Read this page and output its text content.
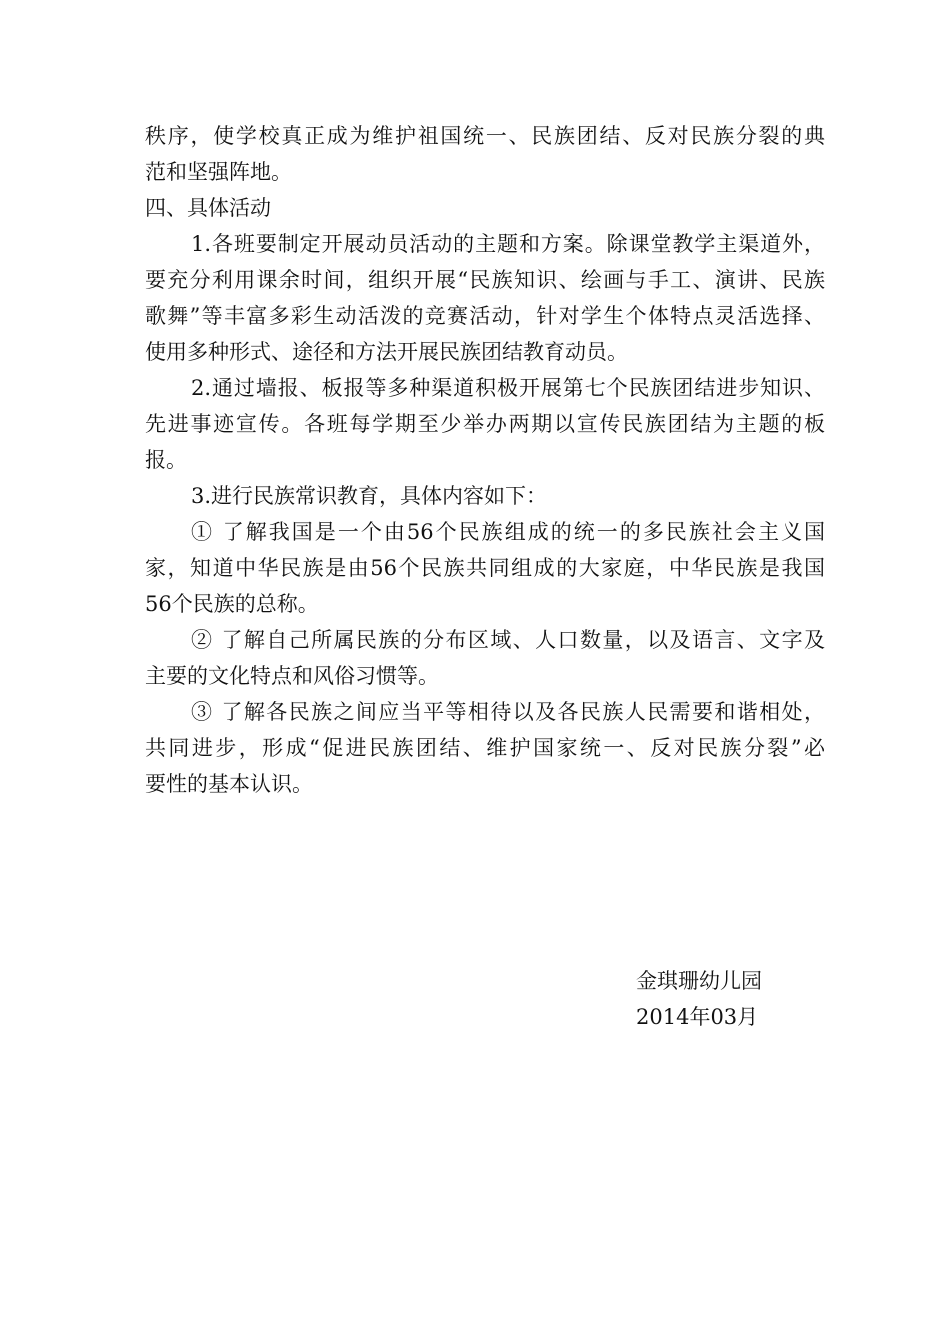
秩序，使学校真正成为维护祖国统一、民族团结、反对民族分裂的典
范和坚强阵地。
四、具体活动
1.各班要制定开展动员活动的主题和方案。除课堂教学主渠道外，
要充分利用课余时间，组织开展“民族知识、绘画与手工、演讲、民族
歌舞”等丰富多彩生动活泼的竞赛活动，针对学生个体特点灵活选择、
使用多种形式、途径和方法开展民族团结教育动员。
2.通过墙报、板报等多种渠道积极开展第七个民族团结进步知识、
先进事迹宣传。各班每学期至少举办两期以宣传民族团结为主题的板
报。
3.进行民族常识教育，具体内容如下：
① 了解我国是一个由56个民族组成的统一的多民族社会主义国
家，知道中华民族是由56个民族共同组成的大家庭，中华民族是我国
56个民族的总称。
② 了解自己所属民族的分布区域、人口数量，以及语言、文字及
主要的文化特点和风俗习惯等。
③ 了解各民族之间应当平等相待以及各民族人民需要和谐相处，
共同进步，形成“促进民族团结、维护国家统一、反对民族分裂”必
要性的基本认识。
金琪珊幼儿园
2014年03月
